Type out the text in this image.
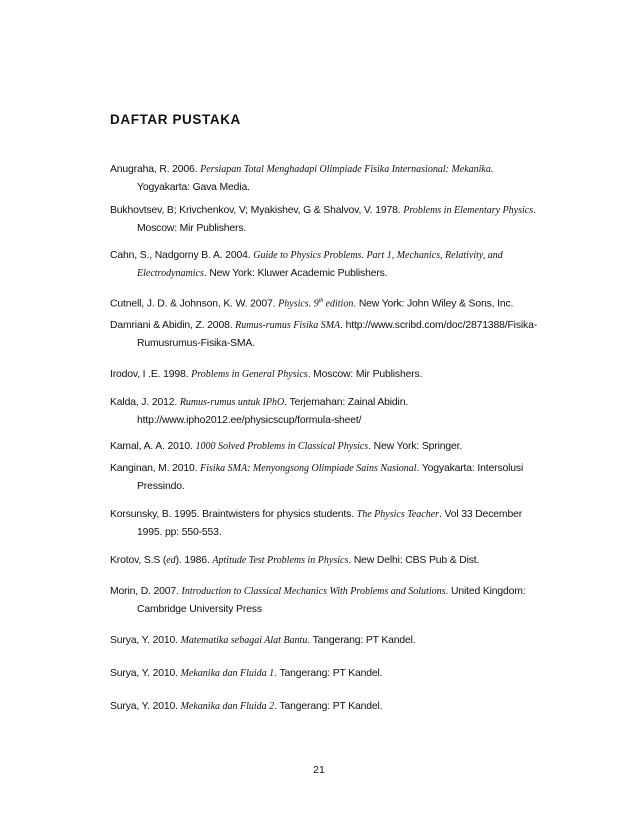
DAFTAR PUSTAKA

Anugraha, R. 2006. Persiapan Total Menghadapi Olimpiade Fisika Internasional: Mekanika. Yogyakarta: Gava Media.

Bukhovtsev, B; Krivchenkov, V; Myakishev, G & Shalvov, V. 1978. Problems in Elementary Physics. Moscow: Mir Publishers.

Cahn, S., Nadgorny B. A. 2004. Guide to Physics Problems. Part 1, Mechanics, Relativity, and Electrodynamics. New York: Kluwer Academic Publishers.

Cutnell, J. D. & Johnson, K. W. 2007. Physics. 9th edition. New York: John Wiley & Sons, Inc.

Damriani & Abidin, Z. 2008. Rumus-rumus Fisika SMA. http://www.scribd.com/doc/2871388/Fisika-Rumusrumus-Fisika-SMA.

Irodov, I .E. 1998. Problems in General Physics. Moscow: Mir Publishers.

Kalda, J. 2012. Rumus-rumus untuk IPhO. Terjemahan: Zainal Abidin. http://www.ipho2012.ee/physicscup/formula-sheet/

Kamal, A. A. 2010. 1000 Solved Problems in Classical Physics. New York: Springer.

Kanginan, M. 2010. Fisika SMA: Menyongsong Olimpiade Sains Nasional. Yogyakarta: Intersolusi Pressindo.

Korsunsky, B. 1995. Braintwisters for physics students. The Physics Teacher. Vol 33 December 1995. pp: 550-553.

Krotov, S.S (ed). 1986. Aptitude Test Problems in Physics. New Delhi: CBS Pub & Dist.

Morin, D. 2007. Introduction to Classical Mechanics With Problems and Solutions. United Kingdom: Cambridge University Press

Surya, Y. 2010. Matematika sebagai Alat Bantu. Tangerang: PT Kandel.

Surya, Y. 2010. Mekanika dan Fluida 1. Tangerang: PT Kandel.

Surya, Y. 2010. Mekanika dan Fluida 2. Tangerang: PT Kandel.

21
